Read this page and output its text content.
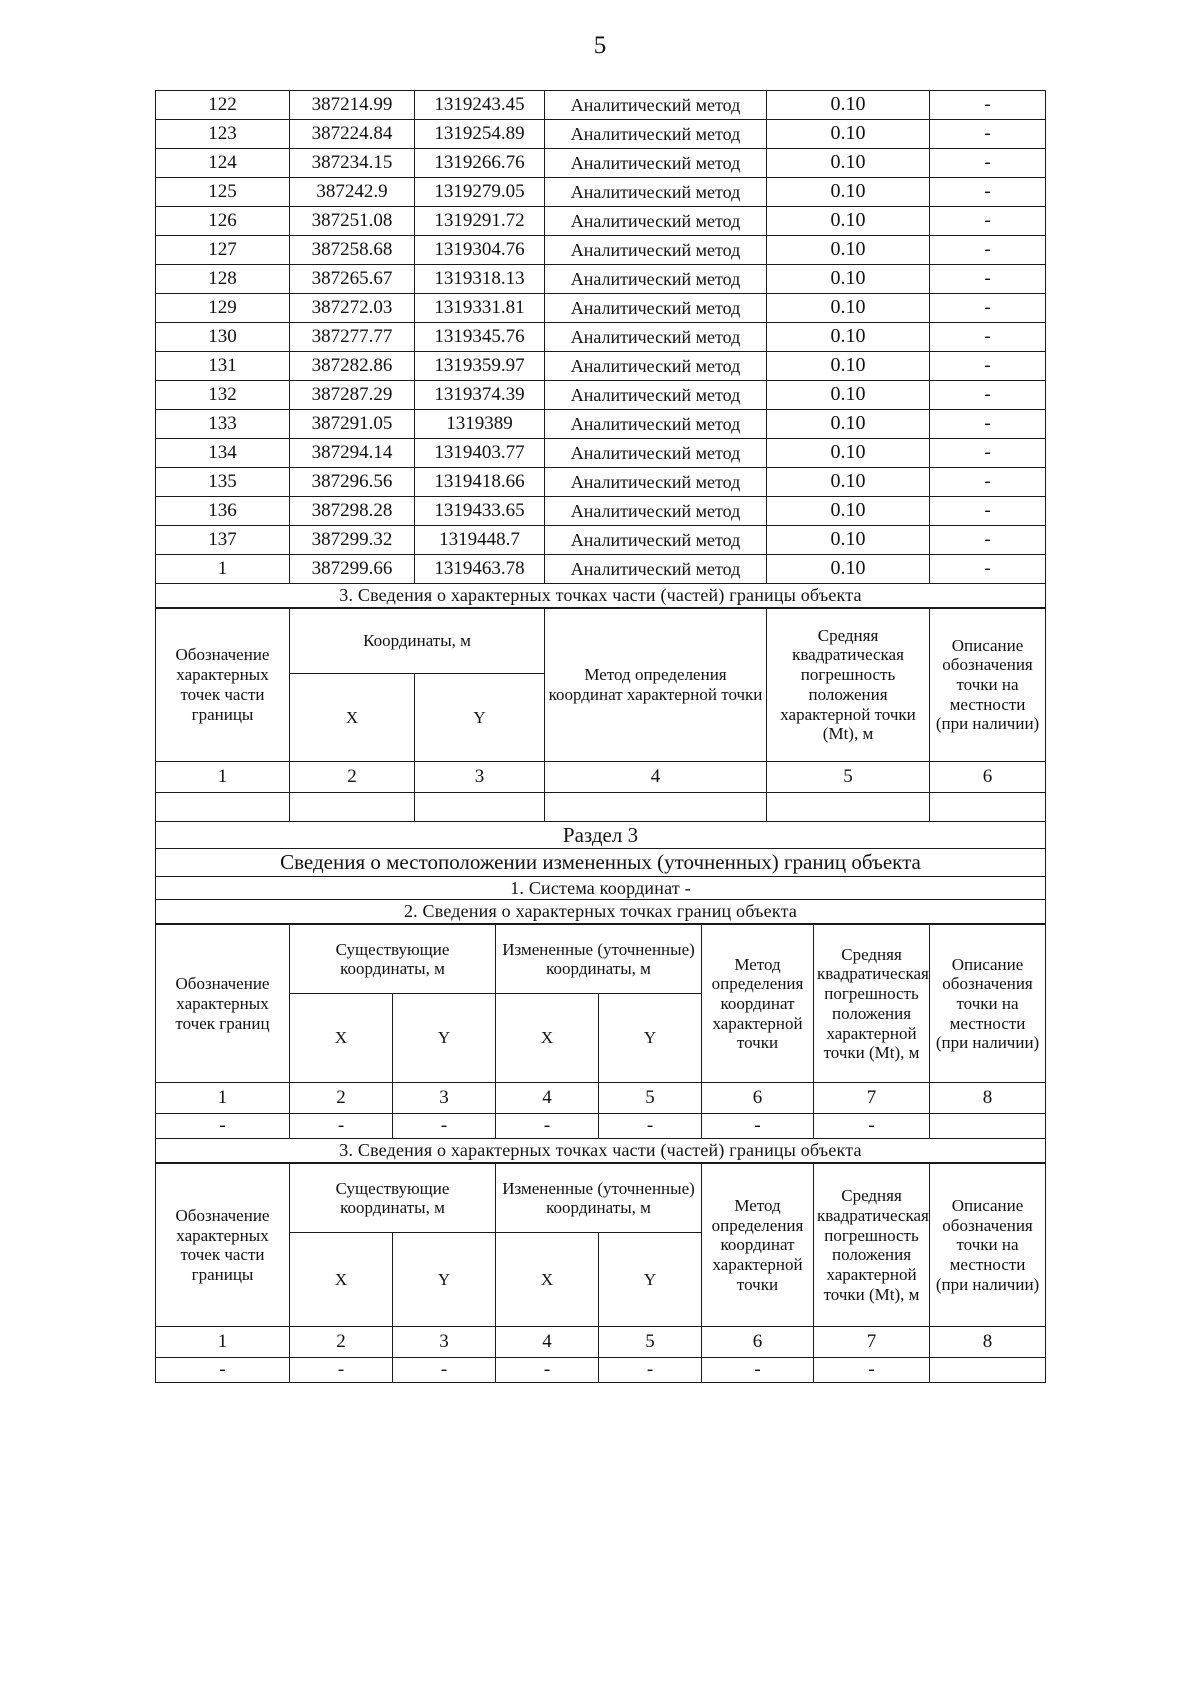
5
122	387214.99	1319243.45	Аналитический метод	0.10	-
123	387224.84	1319254.89	Аналитический метод	0.10	-
124	387234.15	1319266.76	Аналитический метод	0.10	-
125	387242.9	1319279.05	Аналитический метод	0.10	-
126	387251.08	1319291.72	Аналитический метод	0.10	-
127	387258.68	1319304.76	Аналитический метод	0.10	-
128	387265.67	1319318.13	Аналитический метод	0.10	-
129	387272.03	1319331.81	Аналитический метод	0.10	-
130	387277.77	1319345.76	Аналитический метод	0.10	-
131	387282.86	1319359.97	Аналитический метод	0.10	-
132	387287.29	1319374.39	Аналитический метод	0.10	-
133	387291.05	1319389	Аналитический метод	0.10	-
134	387294.14	1319403.77	Аналитический метод	0.10	-
135	387296.56	1319418.66	Аналитический метод	0.10	-
136	387298.28	1319433.65	Аналитический метод	0.10	-
137	387299.32	1319448.7	Аналитический метод	0.10	-
1	387299.66	1319463.78	Аналитический метод	0.10	-
3. Сведения о характерных точках части (частей) границы объекта					
Обозначение характерных точек части границы	Координаты, м		Метод определения координат характерной точки	Средняя квадратическая погрешность положения характерной точки (Mt), м	Описание обозначения точки на местности (при наличии)
	X	Y			
1	2	3	4	5	6

Раздел 3					
Сведения о местоположении измененных (уточненных) границ объекта					
1. Система координат -					
2. Сведения о характерных точках границ объекта					
Обозначение характерных точек границ	Существующие координаты, м		Измененные (уточненные) координаты, м		Метод определения координат характерной точки	Средняя квадратическая погрешность положения характерной точки (Mt), м	Описание обозначения точки на местности (при наличии)
	X	Y	X	Y			
1	2	3	4	5	6	7	8
-	-	-	-	-	-	-	
3. Сведения о характерных точках части (частей) границы объекта							
Обозначение характерных точек части границы	Существующие координаты, м		Измененные (уточненные) координаты, м		Метод определения координат характерной точки	Средняя квадратическая погрешность положения характерной точки (Mt), м	Описание обозначения точки на местности (при наличии)
	X	Y	X	Y			
1	2	3	4	5	6	7	8
-	-	-	-	-	-	-	
